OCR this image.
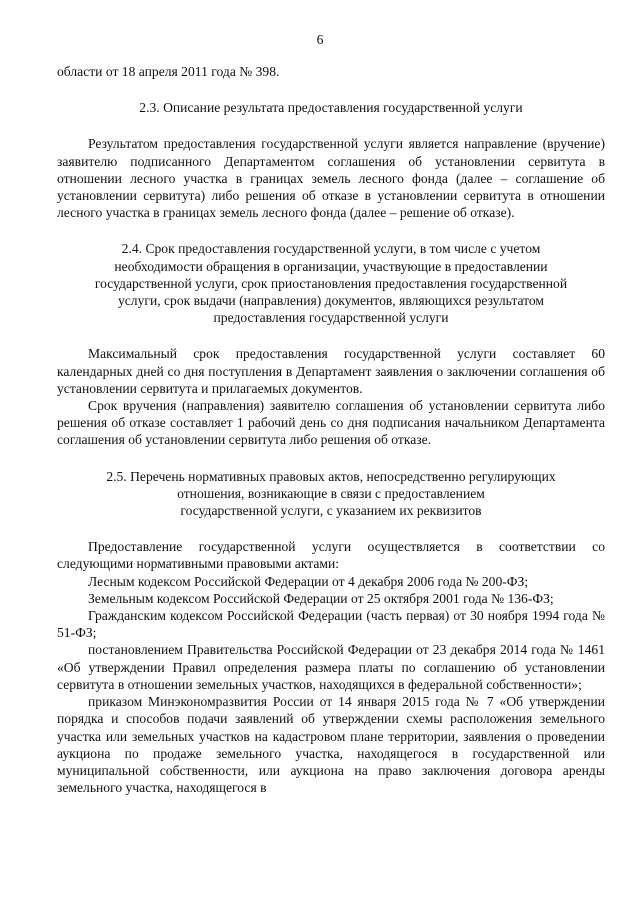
6

области от 18 апреля 2011 года № 398.

2.3. Описание результата предоставления государственной услуги

Результатом предоставления государственной услуги является направление (вручение) заявителю подписанного Департаментом соглашения об установлении сервитута в отношении лесного участка в границах земель лесного фонда (далее – соглашение об установлении сервитута) либо решения об отказе в установлении сервитута в отношении лесного участка в границах земель лесного фонда (далее – решение об отказе).

2.4. Срок предоставления государственной услуги, в том числе с учетом

необходимости обращения в организации, участвующие в предоставлении

государственной услуги, срок приостановления предоставления государственной

услуги, срок выдачи (направления) документов, являющихся результатом

предоставления государственной услуги

Максимальный срок предоставления государственной услуги составляет 60 календарных дней со дня поступления в Департамент заявления о заключении соглашения об установлении сервитута и прилагаемых документов.

Срок вручения (направления) заявителю соглашения об установлении сервитута либо решения об отказе составляет 1 рабочий день со дня подписания начальником Департамента соглашения об установлении сервитута либо решения об отказе.

2.5. Перечень нормативных правовых актов, непосредственно регулирующих

отношения, возникающие в связи с предоставлением

государственной услуги, с указанием их реквизитов

Предоставление государственной услуги осуществляется в соответствии со следующими нормативными правовыми актами:

Лесным кодексом Российской Федерации от 4 декабря 2006 года № 200-ФЗ;

Земельным кодексом Российской Федерации от 25 октября 2001 года № 136-ФЗ;

Гражданским кодексом Российской Федерации (часть первая) от 30 ноября 1994 года № 51-ФЗ;

постановлением Правительства Российской Федерации от 23 декабря 2014 года № 1461 «Об утверждении Правил определения размера платы по соглашению об установлении сервитута в отношении земельных участков, находящихся в федеральной собственности»;

приказом Минэкономразвития России от 14 января 2015 года № 7 «Об утверждении порядка и способов подачи заявлений об утверждении схемы расположения земельного участка или земельных участков на кадастровом плане территории, заявления о проведении аукциона по продаже земельного участка, находящегося в государственной или муниципальной собственности, или аукциона на право заключения договора аренды земельного участка, находящегося в
